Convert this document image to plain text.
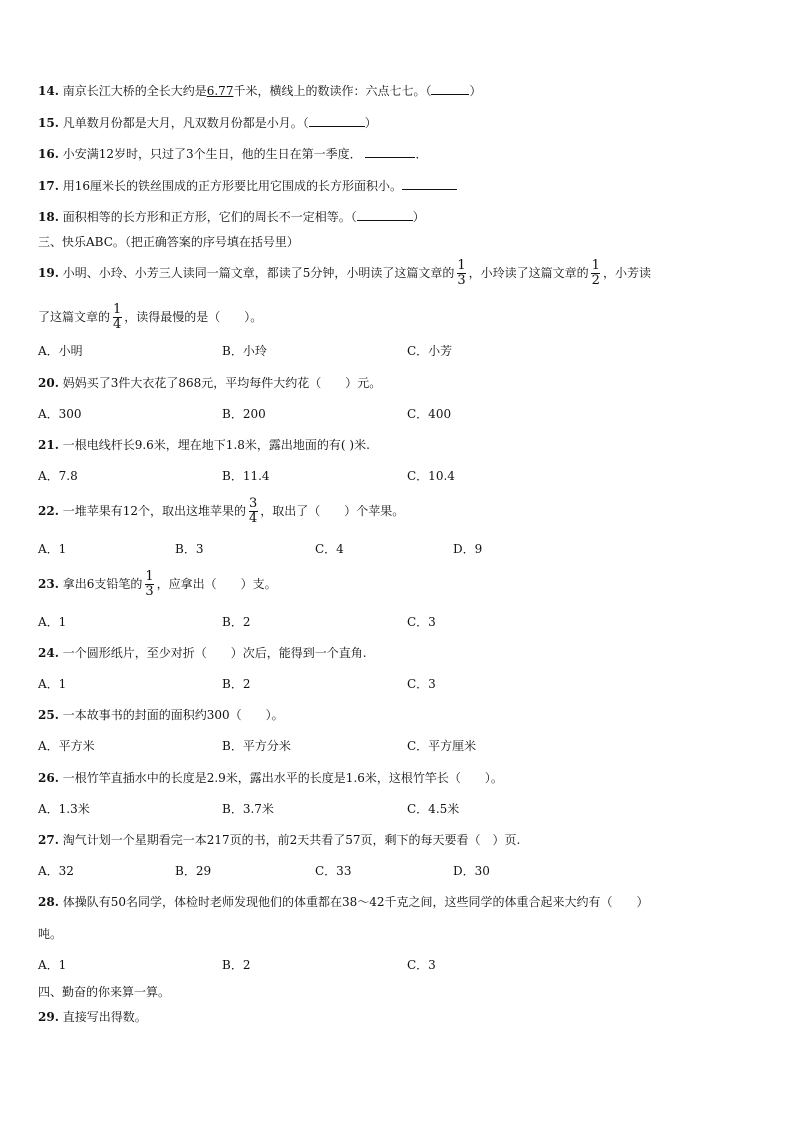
14. 南京长江大桥的全长大约是6.77千米，横线上的数读作：六点七七。（	）
15. 凡单数月份都是大月，凡双数月份都是小月。（	）
16. 小安满12岁时，只过了3个生日，他的生日在第一季度．	．
17. 用16厘米长的铁丝围成的正方形要比用它围成的长方形面积小。
18. 面积相等的长方形和正方形，它们的周长不一定相等。（	）
三、快乐ABC。（把正确答案的序号填在括号里）
19. 小明、小玲、小芳三人读同一篇文章，都读了5分钟，小明读了这篇文章的 $\frac{1}{3}$ ，小玲读了这篇文章的 $\frac{1}{2}$ ，小芳读
了这篇文章的 $\frac{1}{4}$ ，读得最慢的是（　　）。
A．小明	B．小玲	C．小芳
20. 妈妈买了3件大衣花了868元，平均每件大约花（　　）元。
A．300	B．200	C．400
21. 一根电线杆长9.6米，埋在地下1.8米，露出地面的有( )米.
A．7.8	B．11.4	C．10.4
22. 一堆苹果有12个，取出这堆苹果的 $\frac{3}{4}$ ，取出了（　　）个苹果。
A．1	B．3	C．4	D．9
23. 拿出6支铅笔的 $\frac{1}{3}$ ，应拿出（　　）支。
A．1	B．2	C．3
24. 一个圆形纸片，至少对折（　　）次后，能得到一个直角.
A．1	B．2	C．3
25. 一本故事书的封面的面积约300（　　）。
A．平方米	B．平方分米	C．平方厘米
26. 一根竹竿直插水中的长度是2.9米，露出水平的长度是1.6米，这根竹竿长（　　）。
A．1.3米	B．3.7米	C．4.5米
27. 淘气计划一个星期看完一本217页的书，前2天共看了57页，剩下的每天要看（　）页.
A．32	B．29	C．33	D．30
28. 体操队有50名同学，体检时老师发现他们的体重都在38～42千克之间，这些同学的体重合起来大约有（　　）
吨。
A．1	B．2	C．3
四、勤奋的你来算一算。
29. 直接写出得数。
